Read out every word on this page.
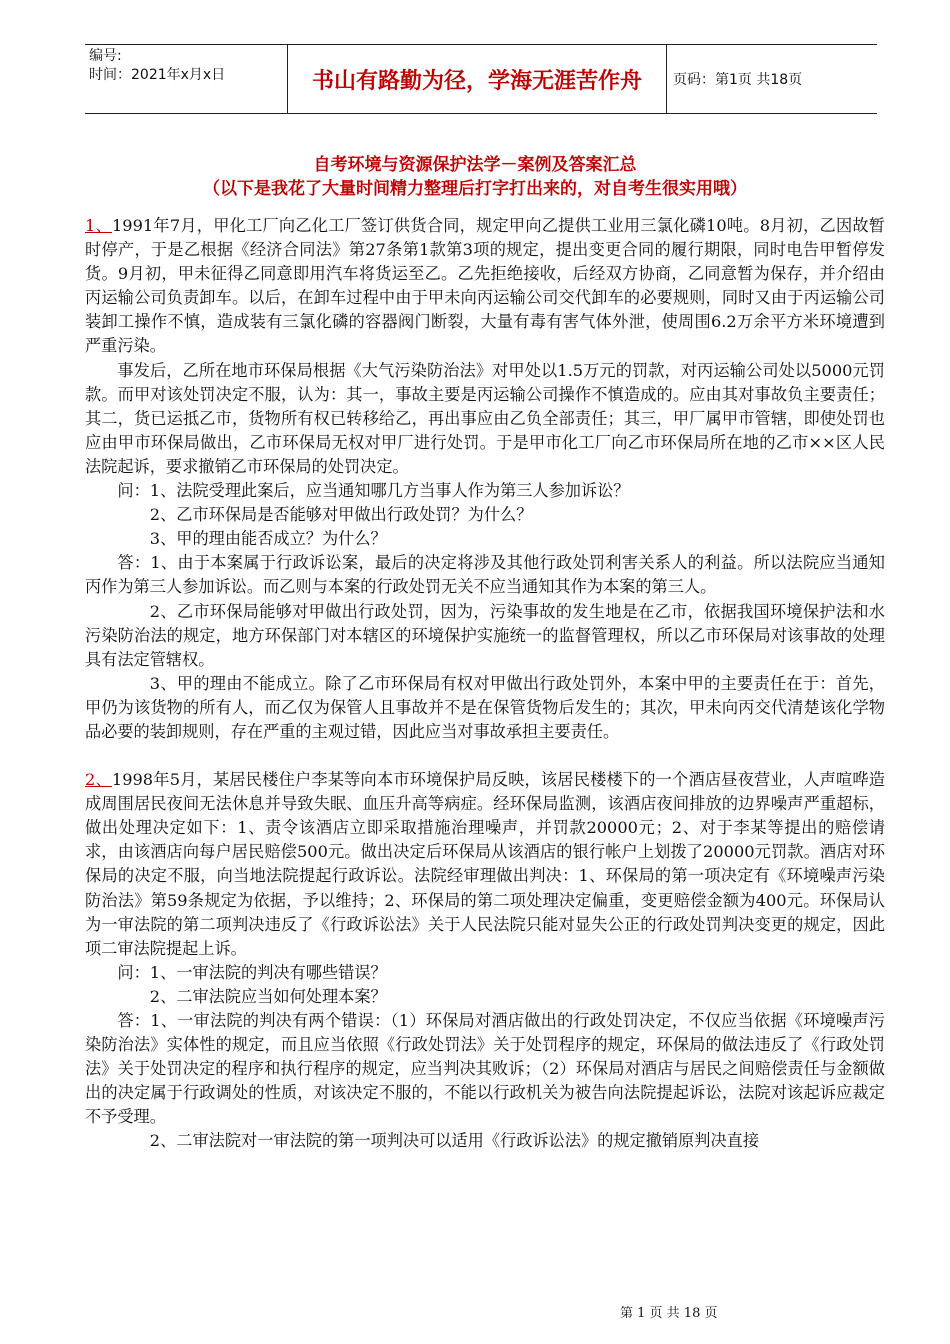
编号:
时间：2021年x月x日	书山有路勤为径，学海无涯苦作舟	页码：第1页 共18页
自考环境与资源保护法学－案例及答案汇总
（以下是我花了大量时间精力整理后打字打出来的，对自考生很实用哦）

1、1991年7月，甲化工厂向乙化工厂签订供货合同，规定甲向乙提供工业用三氯化磷10吨。8月初，乙因故暂时停产，于是乙根据《经济合同法》第27条第1款第3项的规定，提出变更合同的履行期限，同时电告甲暂停发货。9月初，甲未征得乙同意即用汽车将货运至乙。乙先拒绝接收，后经双方协商，乙同意暂为保存，并介绍由丙运输公司负责卸车。以后，在卸车过程中由于甲未向丙运输公司交代卸车的必要规则，同时又由于丙运输公司装卸工操作不慎，造成装有三氯化磷的容器阀门断裂，大量有毒有害气体外泄，使周围6.2万余平方米环境遭到严重污染。

事发后，乙所在地市环保局根据《大气污染防治法》对甲处以1.5万元的罚款，对丙运输公司处以5000元罚款。而甲对该处罚决定不服，认为：其一，事故主要是丙运输公司操作不慎造成的。应由其对事故负主要责任；其二，货已运抵乙市，货物所有权已转移给乙，再出事应由乙负全部责任；其三，甲厂属甲市管辖，即使处罚也应由甲市环保局做出，乙市环保局无权对甲厂进行处罚。于是甲市化工厂向乙市环保局所在地的乙市××区人民法院起诉，要求撤销乙市环保局的处罚决定。

问：1、法院受理此案后，应当通知哪几方当事人作为第三人参加诉讼？

2、乙市环保局是否能够对甲做出行政处罚？为什么？

3、甲的理由能否成立？为什么？

答：1、由于本案属于行政诉讼案，最后的决定将涉及其他行政处罚利害关系人的利益。所以法院应当通知丙作为第三人参加诉讼。而乙则与本案的行政处罚无关不应当通知其作为本案的第三人。

2、乙市环保局能够对甲做出行政处罚，因为，污染事故的发生地是在乙市，依据我国环境保护法和水污染防治法的规定，地方环保部门对本辖区的环境保护实施统一的监督管理权，所以乙市环保局对该事故的处理具有法定管辖权。

3、甲的理由不能成立。除了乙市环保局有权对甲做出行政处罚外，本案中甲的主要责任在于：首先，甲仍为该货物的所有人，而乙仅为保管人且事故并不是在保管货物后发生的；其次，甲未向丙交代清楚该化学物品必要的装卸规则，存在严重的主观过错，因此应当对事故承担主要责任。

2、1998年5月，某居民楼住户李某等向本市环境保护局反映，该居民楼楼下的一个酒店昼夜营业，人声喧哗造成周围居民夜间无法休息并导致失眠、血压升高等病症。经环保局监测，该酒店夜间排放的边界噪声严重超标，做出处理决定如下：1、责令该酒店立即采取措施治理噪声，并罚款20000元；2、对于李某等提出的赔偿请求，由该酒店向每户居民赔偿500元。做出决定后环保局从该酒店的银行帐户上划拨了20000元罚款。酒店对环保局的决定不服，向当地法院提起行政诉讼。法院经审理做出判决：1、环保局的第一项决定有《环境噪声污染防治法》第59条规定为依据，予以维持；2、环保局的第二项处理决定偏重，变更赔偿金额为400元。环保局认为一审法院的第二项判决违反了《行政诉讼法》关于人民法院只能对显失公正的行政处罚判决变更的规定，因此项二审法院提起上诉。

问：1、一审法院的判决有哪些错误？

2、二审法院应当如何处理本案？

答：1、一审法院的判决有两个错误：（1）环保局对酒店做出的行政处罚决定，不仅应当依据《环境噪声污染防治法》实体性的规定，而且应当依照《行政处罚法》关于处罚程序的规定，环保局的做法违反了《行政处罚法》关于处罚决定的程序和执行程序的规定，应当判决其败诉；（2）环保局对酒店与居民之间赔偿责任与金额做出的决定属于行政调处的性质，对该决定不服的，不能以行政机关为被告向法院提起诉讼，法院对该起诉应裁定不予受理。

2、二审法院对一审法院的第一项判决可以适用《行政诉讼法》的规定撤销原判决直接

第 1 页 共 18 页
